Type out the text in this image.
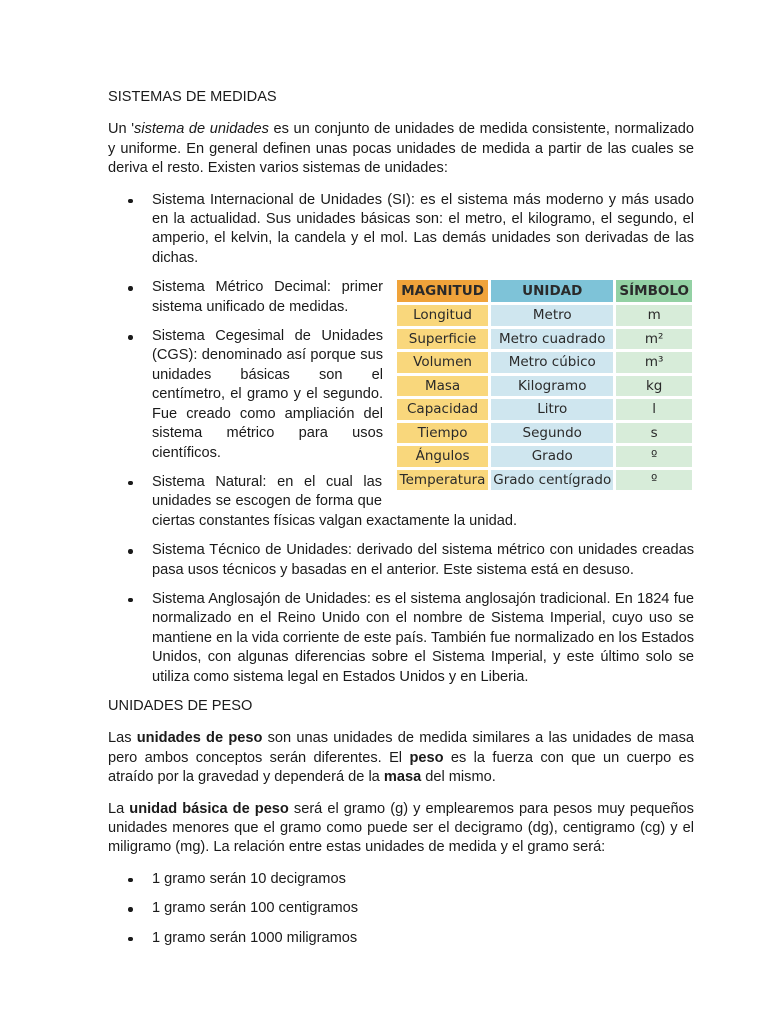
SISTEMAS DE MEDIDAS

Un 'sistema de unidades es un conjunto de unidades de medida consistente, normalizado y uniforme. En general definen unas pocas unidades de medida a partir de las cuales se deriva el resto. Existen varios sistemas de unidades:

Sistema Internacional de Unidades (SI): es el sistema más moderno y más usado en la actualidad. Sus unidades básicas son: el metro, el kilogramo, el segundo, el amperio, el kelvin, la candela y el mol. Las demás unidades son derivadas de las dichas.
Sistema Métrico Decimal: primer sistema unificado de medidas.
Sistema Cegesimal de Unidades (CGS): denominado así porque sus unidades básicas son el centímetro, el gramo y el segundo. Fue creado como ampliación del sistema métrico para usos científicos.
Sistema Natural: en el cual las unidades se escogen de forma que ciertas constantes físicas valgan exactamente la unidad.
Sistema Técnico de Unidades: derivado del sistema métrico con unidades creadas pasa usos técnicos y basadas en el anterior. Este sistema está en desuso.
Sistema Anglosajón de Unidades: es el sistema anglosajón tradicional. En 1824 fue normalizado en el Reino Unido con el nombre de Sistema Imperial, cuyo uso se mantiene en la vida corriente de este país. También fue normalizado en los Estados Unidos, con algunas diferencias sobre el Sistema Imperial, y este último solo se utiliza como sistema legal en Estados Unidos y en Liberia.
UNIDADES DE PESO

Las unidades de peso son unas unidades de medida similares a las unidades de masa pero ambos conceptos serán diferentes. El peso es la fuerza con que un cuerpo es atraído por la gravedad y dependerá de la masa del mismo.

La unidad básica de peso será el gramo (g) y emplearemos para pesos muy pequeños unidades menores que el gramo como puede ser el decigramo (dg), centigramo (cg) y el miligramo (mg). La relación entre estas unidades de medida y el gramo será:

1 gramo serán 10 decigramos
1 gramo serán 100 centigramos
1 gramo serán 1000 miligramos
MAGNITUD	UNIDAD	SÍMBOLO
Longitud	Metro	m
Superficie	Metro cuadrado	m²
Volumen	Metro cúbico	m³
Masa	Kilogramo	kg
Capacidad	Litro	l
Tiempo	Segundo	s
Ángulos	Grado	º
Temperatura	Grado centígrado	º
